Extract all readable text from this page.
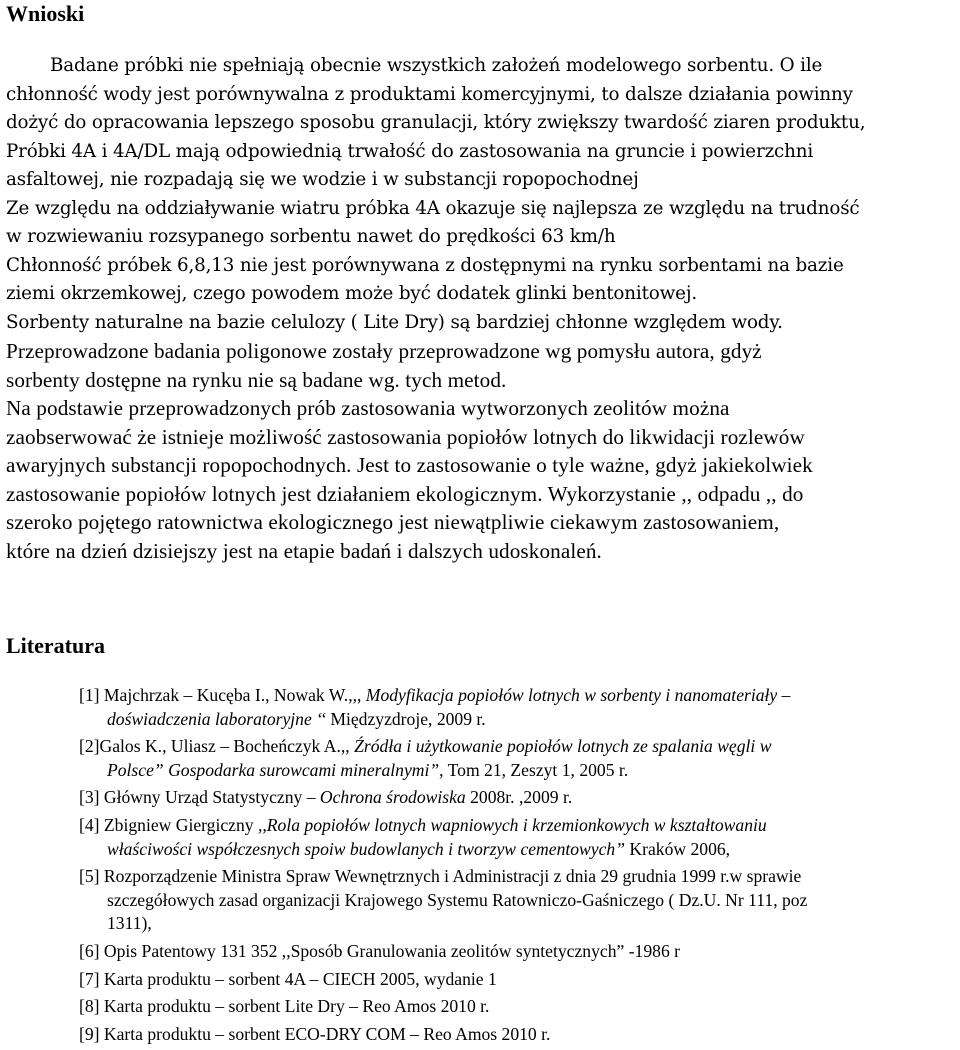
Wnioski
Badane próbki nie spełniają obecnie wszystkich założeń modelowego sorbentu. O ile
chłonność wody jest porównywalna z produktami komercyjnymi, to dalsze działania powinny
dożyć do opracowania lepszego sposobu granulacji, który zwiększy twardość ziaren produktu,
Próbki 4A i 4A/DL mają odpowiednią trwałość do zastosowania na gruncie i powierzchni
asfaltowej, nie rozpadają się we wodzie i w substancji ropopochodnej
Ze względu na oddziaływanie wiatru próbka 4A okazuje się najlepsza ze względu na trudność
w rozwiewaniu rozsypanego sorbentu nawet do prędkości 63 km/h
Chłonność próbek 6,8,13 nie jest porównywana z dostępnymi na rynku sorbentami na bazie
ziemi okrzemkowej, czego powodem może być dodatek glinki bentonitowej.
Sorbenty naturalne na bazie celulozy ( Lite Dry) są bardziej chłonne względem wody.
Przeprowadzone badania poligonowe zostały przeprowadzone wg pomysłu autora, gdyż
sorbenty dostępne na rynku nie są badane wg. tych metod.
Na podstawie przeprowadzonych prób zastosowania wytworzonych zeolitów można
zaobserwować że istnieje możliwość zastosowania popiołów lotnych do likwidacji rozlewów
awaryjnych substancji ropopochodnych. Jest to zastosowanie o tyle ważne, gdyż jakiekolwiek
zastosowanie popiołów lotnych jest działaniem ekologicznym. Wykorzystanie ,, odpadu ,, do
szeroko pojętego ratownictwa ekologicznego jest niewątpliwie ciekawym zastosowaniem,
które na dzień dzisiejszy jest na etapie badań i dalszych udoskonaleń.
Literatura
[1] Majchrzak – Kucęba I., Nowak W.,,, Modyfikacja popiołów lotnych w sorbenty i nanomateriały –
doświadczenia laboratoryjne ‘‘ Międzyzdroje, 2009 r.
[2]Galos K., Uliasz – Bocheńczyk A.,, Źródła i użytkowanie popiołów lotnych ze spalania węgli w
Polsce” Gospodarka surowcami mineralnymi”, Tom 21, Zeszyt 1, 2005 r.
[3] Główny Urząd Statystyczny – Ochrona środowiska 2008r. ,2009 r.
[4] Zbigniew Giergiczny ,,Rola popiołów lotnych wapniowych i krzemionkowych w kształtowaniu
właściwości współczesnych spoiw budowlanych i tworzyw cementowych” Kraków 2006,
[5] Rozporządzenie Ministra Spraw Wewnętrznych i Administracji z dnia 29 grudnia 1999 r.w sprawie
szczegółowych zasad organizacji Krajowego Systemu Ratowniczo-Gaśniczego ( Dz.U. Nr 111, poz
1311),
[6] Opis Patentowy 131 352 ,,Sposób Granulowania zeolitów syntetycznych” -1986 r
[7] Karta produktu – sorbent 4A – CIECH 2005, wydanie 1
[8] Karta produktu – sorbent Lite Dry – Reo Amos 2010 r.
[9] Karta produktu – sorbent ECO-DRY COM – Reo Amos 2010 r.
